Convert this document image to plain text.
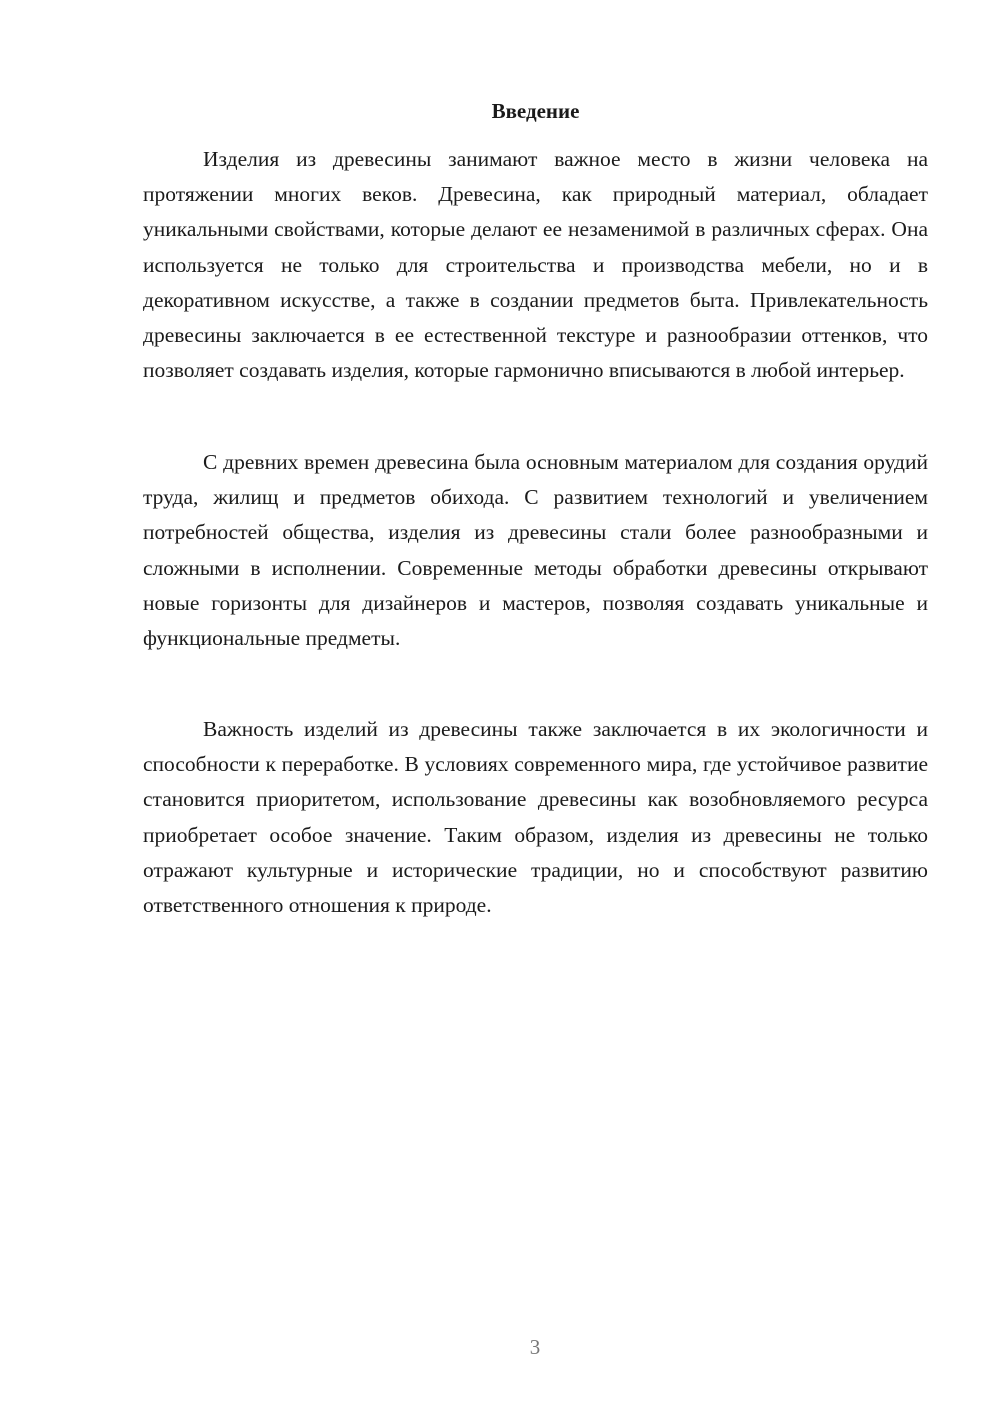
Введение

Изделия из древесины занимают важное место в жизни человека на протяжении многих веков. Древесина, как природный материал, обладает уникальными свойствами, которые делают ее незаменимой в различных сферах. Она используется не только для строительства и производства мебели, но и в декоративном искусстве, а также в создании предметов быта. Привлекательность древесины заключается в ее естественной текстуре и разнообразии оттенков, что позволяет создавать изделия, которые гармонично вписываются в любой интерьер.

С древних времен древесина была основным материалом для создания орудий труда, жилищ и предметов обихода. С развитием технологий и увеличением потребностей общества, изделия из древесины стали более разнообразными и сложными в исполнении. Современные методы обработки древесины открывают новые горизонты для дизайнеров и мастеров, позволяя создавать уникальные и функциональные предметы.

Важность изделий из древесины также заключается в их экологичности и способности к переработке. В условиях современного мира, где устойчивое развитие становится приоритетом, использование древесины как возобновляемого ресурса приобретает особое значение. Таким образом, изделия из древесины не только отражают культурные и исторические традиции, но и способствуют развитию ответственного отношения к природе.

3
